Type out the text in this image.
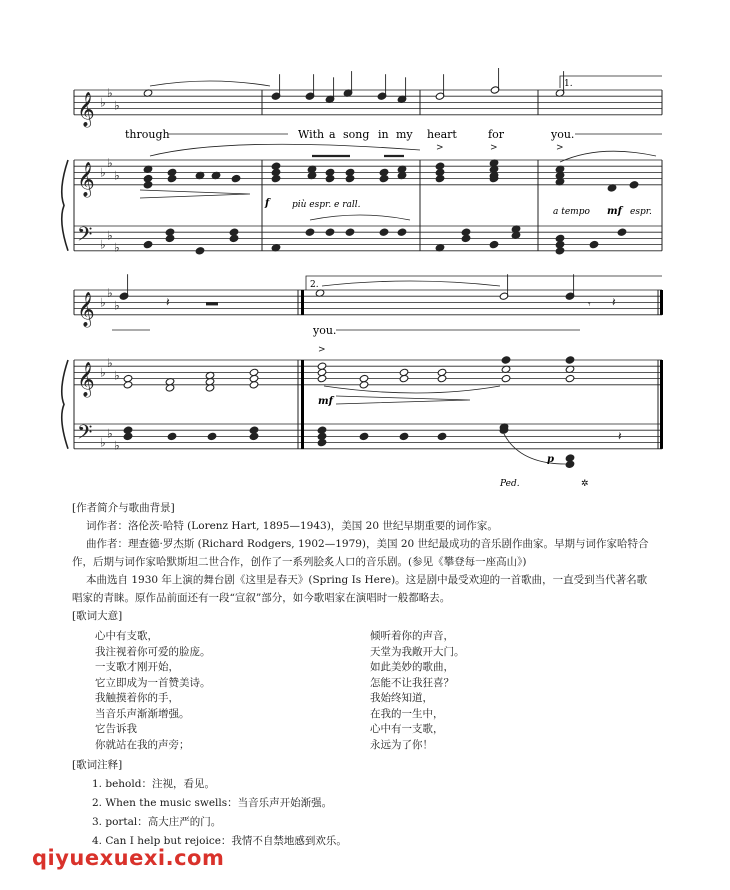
𝄞
𝄞
𝄢
♭
♭
♭
♭
♭
♭
♭
♭
♭
𝄞
𝄞
𝄢
♭
♭
♭
♭
♭
♭
♭
♭
♭
>	>	>
𝄽	𝄾 𝄽
>
𝄽
1.
2.
through	With a song in my heart	for	you.
you.
f	più espr. e rall.
a tempo mf espr.
mf
p
Ped.	✲
[作者简介与歌曲背景]
词作者：洛伦茨·哈特 (Lorenz Hart, 1895—1943)，美国 20 世纪早期重要的词作家。
曲作者：理查德·罗杰斯 (Richard Rodgers, 1902—1979)，美国 20 世纪最成功的音乐剧作曲家。早期与词作家哈特合
作，后期与词作家哈默斯坦二世合作，创作了一系列脍炙人口的音乐剧。(参见《攀登每一座高山》)
本曲选自 1930 年上演的舞台剧《这里是春天》(Spring Is Here)。这是剧中最受欢迎的一首歌曲，一直受到当代著名歌
唱家的青睐。原作品前面还有一段“宣叙”部分，如今歌唱家在演唱时一般都略去。
[歌词大意]
心中有支歌，
我注视着你可爱的脸庞。
一支歌才刚开始，
它立即成为一首赞美诗。
我触摸着你的手，
当音乐声渐渐增强。
它告诉我
你就站在我的声旁；
倾听着你的声音，
天堂为我敞开大门。
如此美妙的歌曲，
怎能不让我狂喜？
我始终知道，
在我的一生中，
心中有一支歌，
永远为了你！
[歌词注释]
1. behold：注视，看见。
2. When the music swells：当音乐声开始渐强。
3. portal：高大庄严的门。
4. Can I help but rejoice：我情不自禁地感到欢乐。
qiyuexuexi.com
